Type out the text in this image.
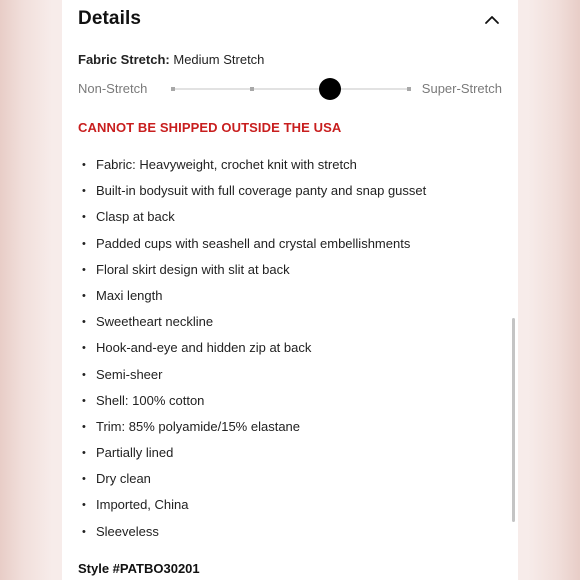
Details
Fabric Stretch: Medium Stretch
Non-Stretch	Super-Stretch
CANNOT BE SHIPPED OUTSIDE THE USA
• Fabric: Heavyweight, crochet knit with stretch
• Built-in bodysuit with full coverage panty and snap gusset
• Clasp at back
• Padded cups with seashell and crystal embellishments
• Floral skirt design with slit at back
• Maxi length
• Sweetheart neckline
• Hook-and-eye and hidden zip at back
• Semi-sheer
• Shell: 100% cotton
• Trim: 85% polyamide/15% elastane
• Partially lined
• Dry clean
• Imported, China
• Sleeveless
Style #PATBO30201
